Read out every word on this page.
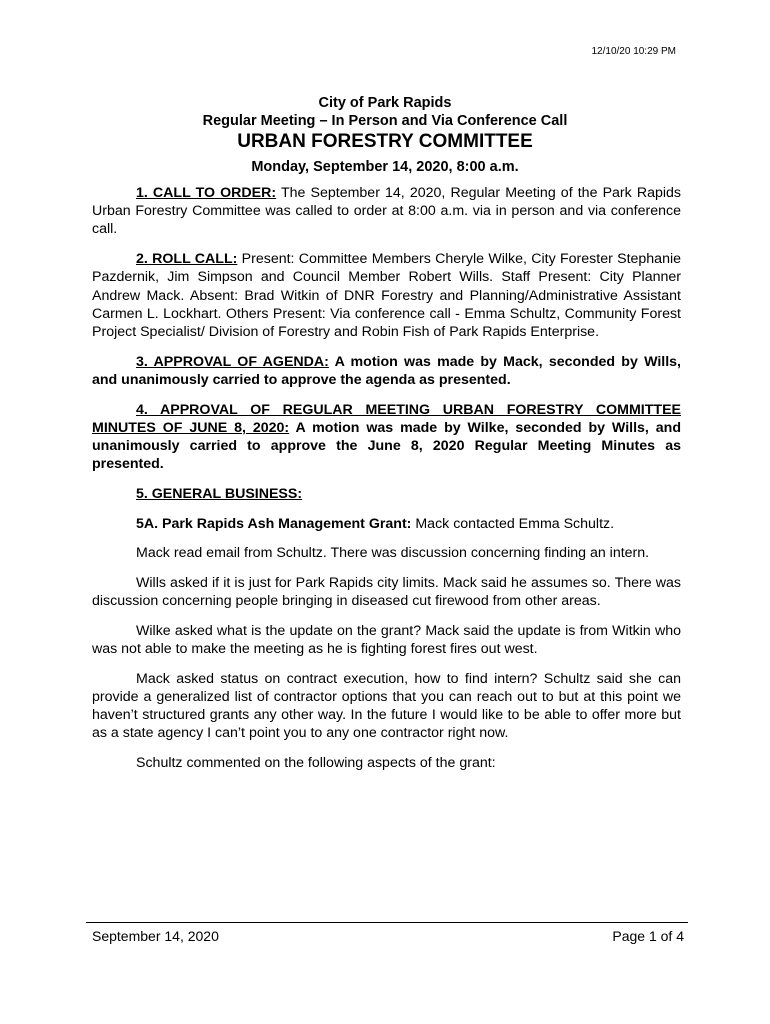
12/10/20 10:29 PM
City of Park Rapids
Regular Meeting – In Person and Via Conference Call
URBAN FORESTRY COMMITTEE
Monday, September 14, 2020, 8:00 a.m.

1. CALL TO ORDER: The September 14, 2020, Regular Meeting of the Park Rapids Urban Forestry Committee was called to order at 8:00 a.m. via in person and via conference call.

2. ROLL CALL: Present: Committee Members Cheryle Wilke, City Forester Stephanie Pazdernik, Jim Simpson and Council Member Robert Wills. Staff Present: City Planner Andrew Mack. Absent: Brad Witkin of DNR Forestry and Planning/Administrative Assistant Carmen L. Lockhart. Others Present: Via conference call - Emma Schultz, Community Forest Project Specialist/ Division of Forestry and Robin Fish of Park Rapids Enterprise.

3. APPROVAL OF AGENDA: A motion was made by Mack, seconded by Wills, and unanimously carried to approve the agenda as presented.

4. APPROVAL OF REGULAR MEETING URBAN FORESTRY COMMITTEE MINUTES OF JUNE 8, 2020: A motion was made by Wilke, seconded by Wills, and unanimously carried to approve the June 8, 2020 Regular Meeting Minutes as presented.

5. GENERAL BUSINESS:

5A. Park Rapids Ash Management Grant: Mack contacted Emma Schultz.

Mack read email from Schultz. There was discussion concerning finding an intern.

Wills asked if it is just for Park Rapids city limits. Mack said he assumes so. There was discussion concerning people bringing in diseased cut firewood from other areas.

Wilke asked what is the update on the grant? Mack said the update is from Witkin who was not able to make the meeting as he is fighting forest fires out west.

Mack asked status on contract execution, how to find intern? Schultz said she can provide a generalized list of contractor options that you can reach out to but at this point we haven’t structured grants any other way. In the future I would like to be able to offer more but as a state agency I can’t point you to any one contractor right now.

Schultz commented on the following aspects of the grant:

September 14, 2020	Page 1 of 4
